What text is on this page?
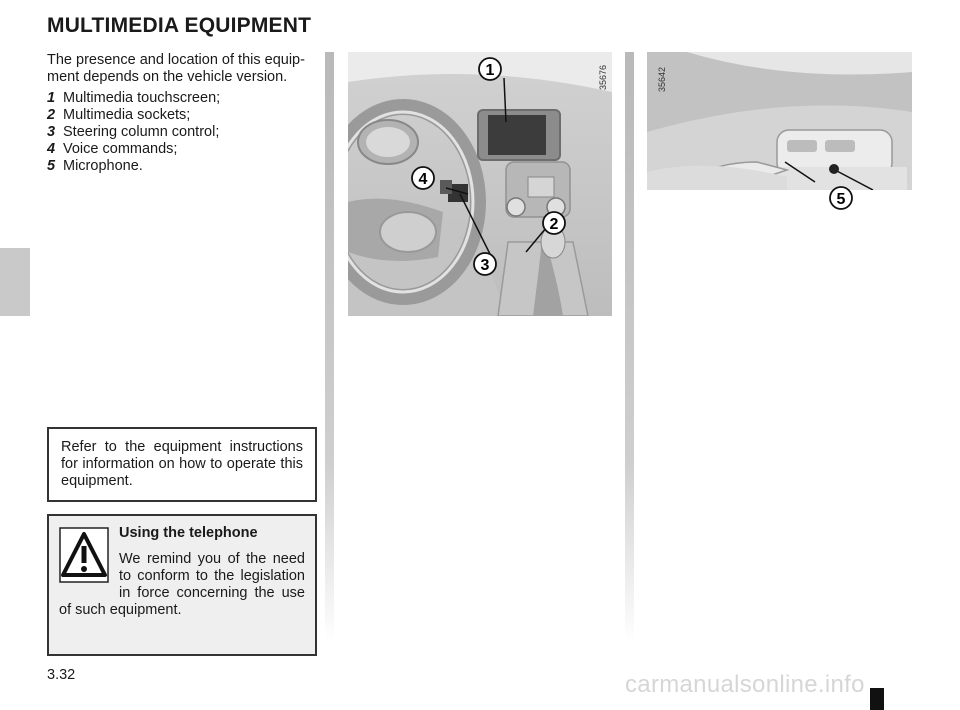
MULTIMEDIA EQUIPMENT

The presence and location of this equip-ment depends on the vehicle version.

1 Multimedia touchscreen;
2 Multimedia sockets;
3 Steering column control;
4 Voice commands;
5 Microphone.
Refer to the equipment instructions for information on how to operate this equipment.

Using the telephone

We remind you of the need to conform to the legislation in force concerning the use of such equipment.

3.32
1
4
2
3
35676	35642
5
carmanualsonline.info
